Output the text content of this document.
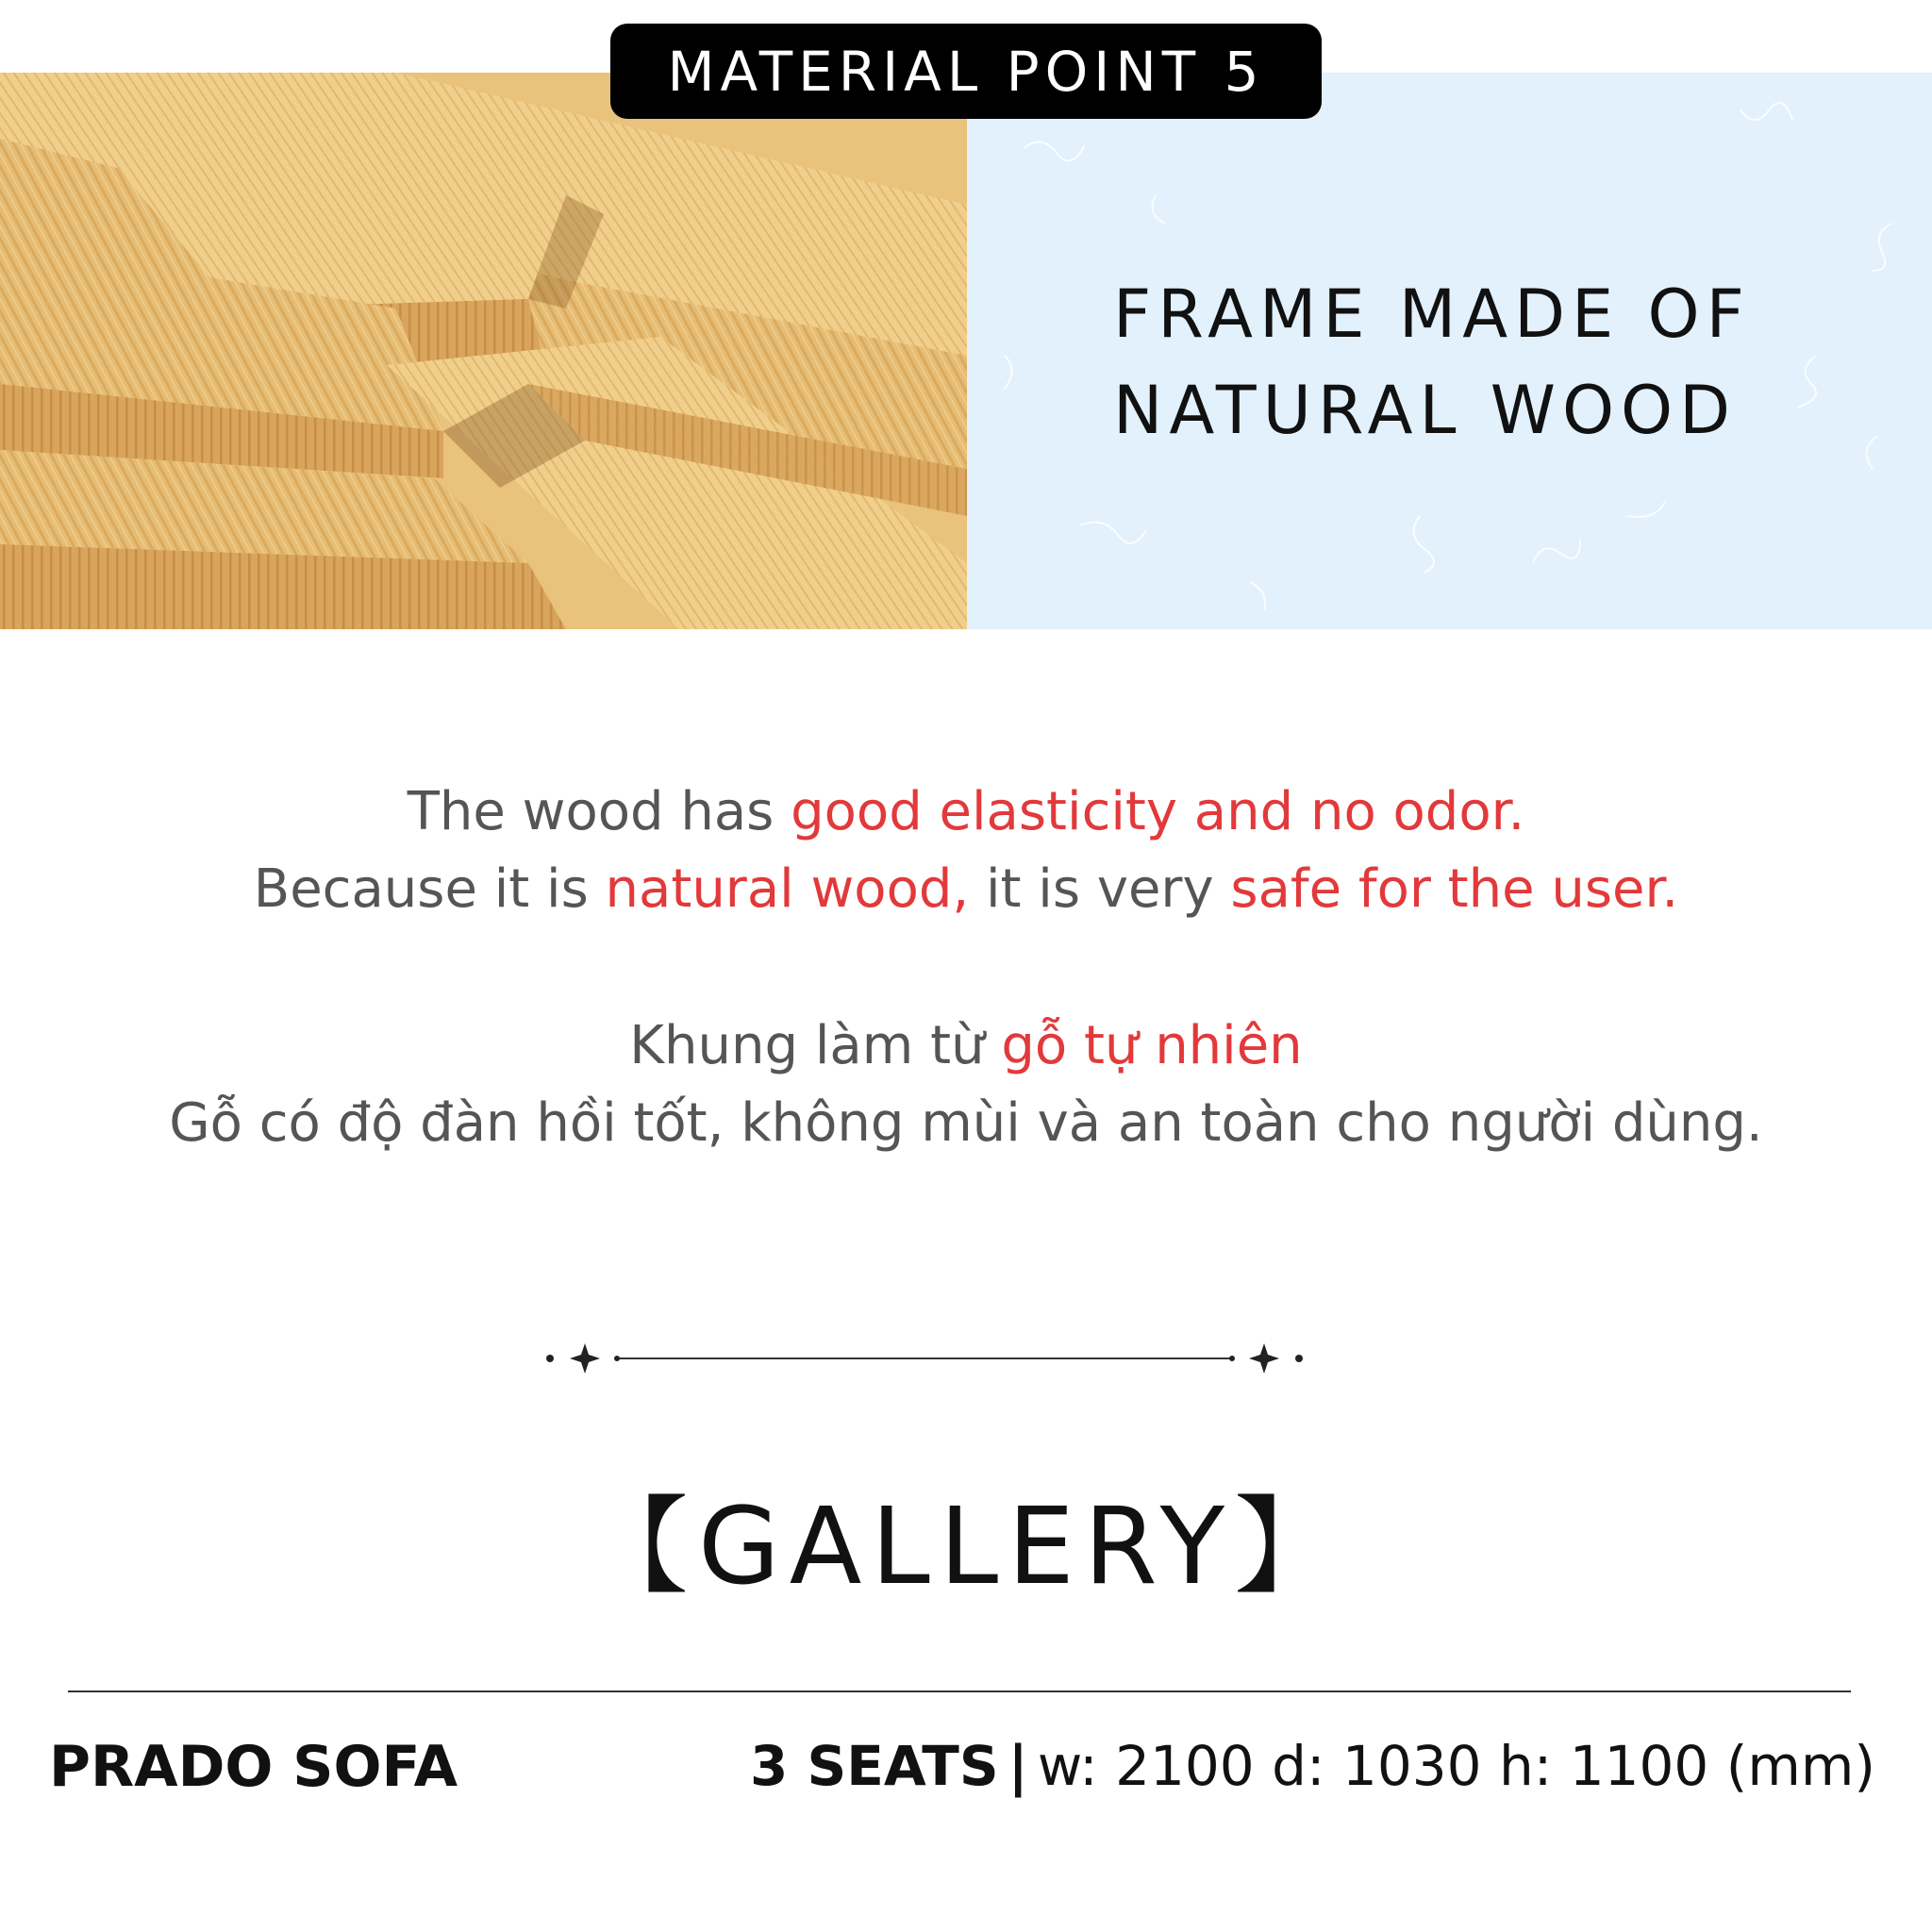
FRAME MADE OF
NATURAL WOOD
MATERIAL POINT 5
The wood has good elasticity and no odor.
Because it is natural wood, it is very safe for the user.
Khung làm từ gỗ tự nhiên
Gỗ có độ đàn hồi tốt, không mùi và an toàn cho người dùng.
【GALLERY】
PRADO SOFA	3 SEATS | w: 2100 d: 1030 h: 1100 (mm)
